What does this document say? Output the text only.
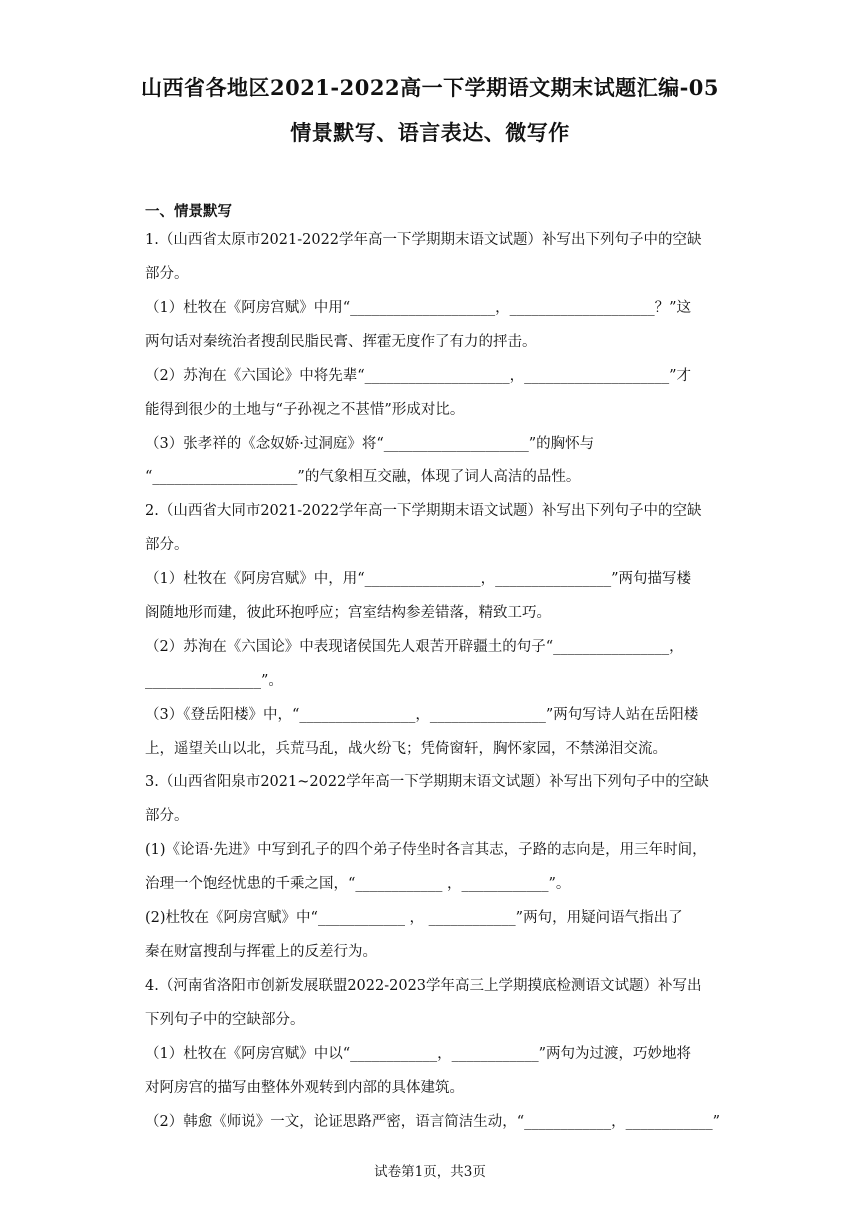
山西省各地区2021-2022高一下学期语文期末试题汇编-05
情景默写、语言表达、微写作
一、情景默写
1.（山西省太原市2021-2022学年高一下学期期末语文试题）补写出下列句子中的空缺
部分。
（1）杜牧在《阿房宫赋》中用“____________________，____________________？”这
两句话对秦统治者搜刮民脂民膏、挥霍无度作了有力的抨击。
（2）苏洵在《六国论》中将先辈“____________________，____________________”才
能得到很少的土地与“子孙视之不甚惜”形成对比。
（3）张孝祥的《念奴娇·过洞庭》将“____________________”的胸怀与
“____________________”的气象相互交融，体现了词人高洁的品性。
2.（山西省大同市2021-2022学年高一下学期期末语文试题）补写出下列句子中的空缺
部分。
（1）杜牧在《阿房宫赋》中，用“________________，________________”两句描写楼
阁随地形而建，彼此环抱呼应；宫室结构参差错落，精致工巧。
（2）苏洵在《六国论》中表现诸侯国先人艰苦开辟疆土的句子“________________，
________________”。
（3）《登岳阳楼》中，“________________，________________”两句写诗人站在岳阳楼
上，遥望关山以北，兵荒马乱，战火纷飞；凭倚窗轩，胸怀家园，不禁涕泪交流。
3.（山西省阳泉市2021~2022学年高一下学期期末语文试题）补写出下列句子中的空缺
部分。
(1)《论语·先进》中写到孔子的四个弟子侍坐时各言其志，子路的志向是，用三年时间，
治理一个饱经忧患的千乘之国，“____________ ，____________”。
(2)杜牧在《阿房宫赋》中“____________ ， ____________”两句，用疑问语气指出了
秦在财富搜刮与挥霍上的反差行为。
4.（河南省洛阳市创新发展联盟2022-2023学年高三上学期摸底检测语文试题）补写出
下列句子中的空缺部分。
（1）杜牧在《阿房宫赋》中以“____________，____________”两句为过渡，巧妙地将
对阿房宫的描写由整体外观转到内部的具体建筑。
（2）韩愈《师说》一文，论证思路严密，语言简洁生动，“____________，____________”
试卷第1页，共3页
